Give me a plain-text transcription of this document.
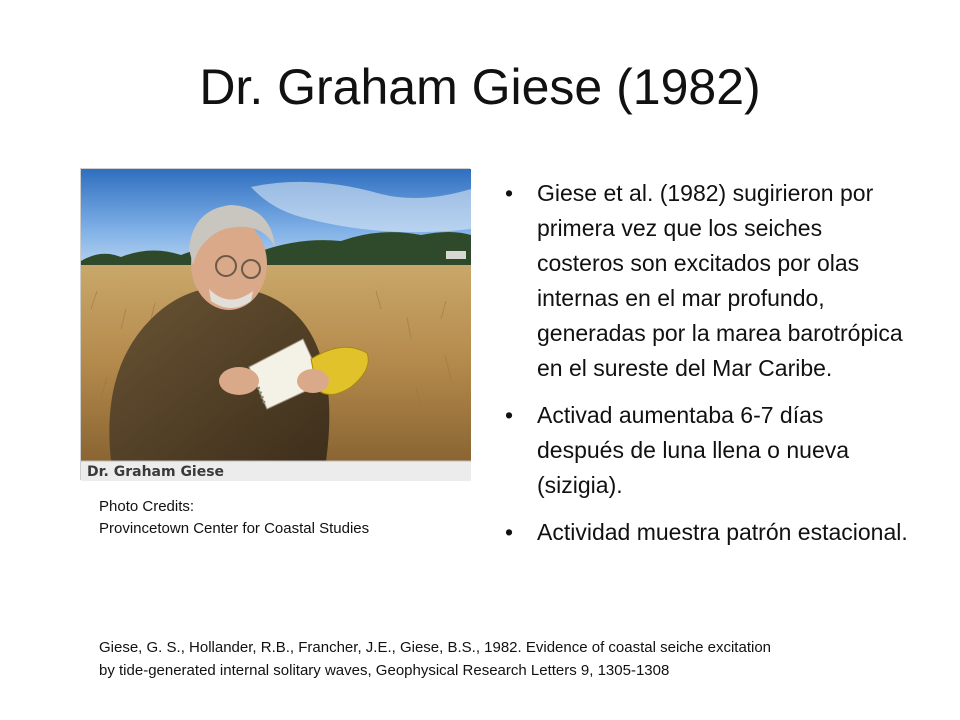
Dr. Graham Giese (1982)
Dr. Graham Giese
Photo Credits:
Provincetown Center for Coastal Studies
• Giese et al. (1982) sugirieron por primera vez que los seiches costeros son excitados por olas internas en el mar profundo, generadas por la marea barotrópica en el sureste del Mar Caribe.
• Activad aumentaba 6-7 días después de luna llena o nueva (sizigia).
• Actividad muestra patrón estacional.
Giese, G. S., Hollander, R.B., Francher, J.E., Giese, B.S., 1982. Evidence of coastal seiche excitation
by tide-generated internal solitary waves, Geophysical Research Letters 9, 1305-1308
